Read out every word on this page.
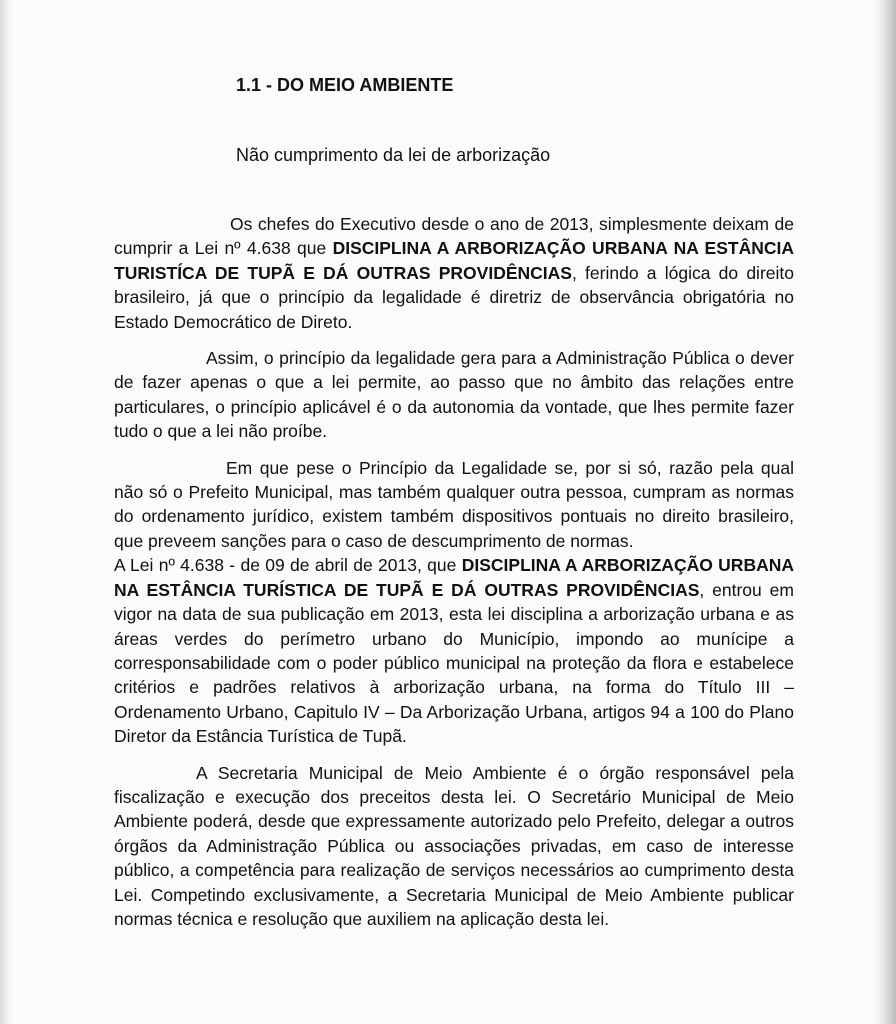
1.1 - DO MEIO AMBIENTE
Não cumprimento da lei de arborização

Os chefes do Executivo desde o ano de 2013, simplesmente deixam de cumprir a Lei nº 4.638 que DISCIPLINA A ARBORIZAÇÃO URBANA NA ESTÂNCIA TURISTÍCA DE TUPÃ E DÁ OUTRAS PROVIDÊNCIAS, ferindo a lógica do direito brasileiro, já que o princípio da legalidade é diretriz de observância obrigatória no Estado Democrático de Direto.

Assim, o princípio da legalidade gera para a Administração Pública o dever de fazer apenas o que a lei permite, ao passo que no âmbito das relações entre particulares, o princípio aplicável é o da autonomia da vontade, que lhes permite fazer tudo o que a lei não proíbe.

Em que pese o Princípio da Legalidade se, por si só, razão pela qual não só o Prefeito Municipal, mas também qualquer outra pessoa, cumpram as normas do ordenamento jurídico, existem também dispositivos pontuais no direito brasileiro, que preveem sanções para o caso de descumprimento de normas.

A Lei nº 4.638 - de 09 de abril de 2013, que DISCIPLINA A ARBORIZAÇÃO URBANA NA ESTÂNCIA TURÍSTICA DE TUPÃ E DÁ OUTRAS PROVIDÊNCIAS, entrou em vigor na data de sua publicação em 2013, esta lei disciplina a arborização urbana e as áreas verdes do perímetro urbano do Município, impondo ao munícipe a corresponsabilidade com o poder público municipal na proteção da flora e estabelece critérios e padrões relativos à arborização urbana, na forma do Título III – Ordenamento Urbano, Capitulo IV – Da Arborização Urbana, artigos 94 a 100 do Plano Diretor da Estância Turística de Tupã.

A Secretaria Municipal de Meio Ambiente é o órgão responsável pela fiscalização e execução dos preceitos desta lei. O Secretário Municipal de Meio Ambiente poderá, desde que expressamente autorizado pelo Prefeito, delegar a outros órgãos da Administração Pública ou associações privadas, em caso de interesse público, a competência para realização de serviços necessários ao cumprimento desta Lei. Competindo exclusivamente, a Secretaria Municipal de Meio Ambiente publicar normas técnica e resolução que auxiliem na aplicação desta lei.
